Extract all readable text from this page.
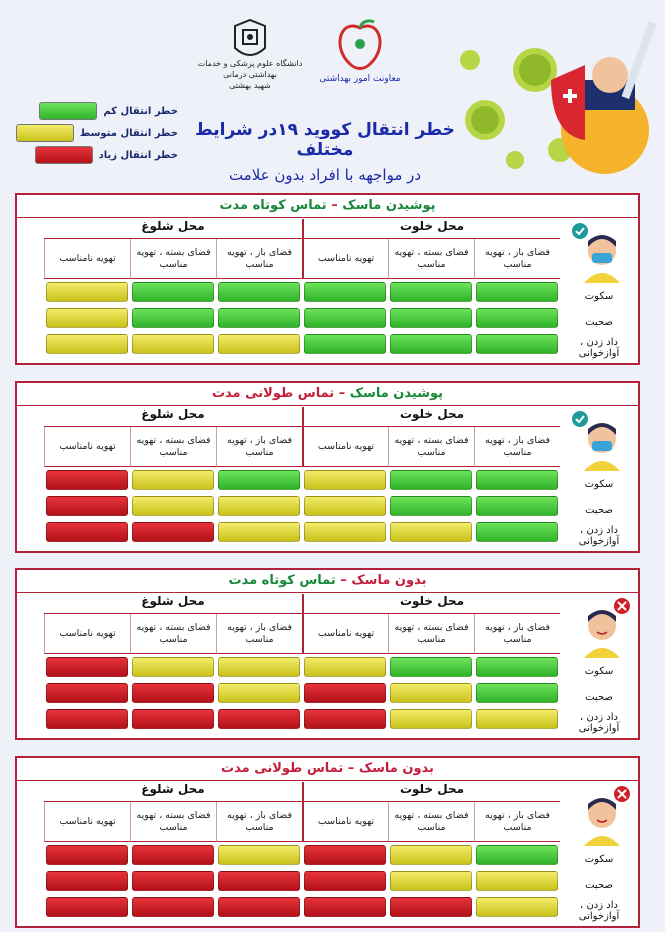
دانشگاه علوم پزشکی و خدمات بهداشتی درمانی
شهید بهشتی
معاونت امور بهداشتی
خطر انتقال کووید ۱۹در شرایط مختلف
در مواجهه با افراد بدون علامت
خطر انتقال کم
خطر انتقال متوسط
خطر انتقال زیاد
پوشیدن ماسک – تماس کوتاه مدت
محل خلوت
محل شلوغ
فضای باز ، تهویه مناسب
فضای بسته ، تهویه مناسب
تهویه نامناسب
فضای باز ، تهویه مناسب
فضای بسته ، تهویه مناسب
تهویه نامناسب
سکوت
صحبت
داد زدن ، آوازخوانی
پوشیدن ماسک – تماس طولانی مدت
محل خلوت
محل شلوغ
فضای باز ، تهویه مناسب
فضای بسته ، تهویه مناسب
تهویه نامناسب
فضای باز ، تهویه مناسب
فضای بسته ، تهویه مناسب
تهویه نامناسب
سکوت
صحبت
داد زدن ، آوازخوانی
بدون ماسک – تماس کوتاه مدت
محل خلوت
محل شلوغ
فضای باز ، تهویه مناسب
فضای بسته ، تهویه مناسب
تهویه نامناسب
فضای باز ، تهویه مناسب
فضای بسته ، تهویه مناسب
تهویه نامناسب
سکوت
صحبت
داد زدن ، آوازخوانی
بدون ماسک – تماس طولانی مدت
محل خلوت
محل شلوغ
فضای باز ، تهویه مناسب
فضای بسته ، تهویه مناسب
تهویه نامناسب
فضای باز ، تهویه مناسب
فضای بسته ، تهویه مناسب
تهویه نامناسب
سکوت
صحبت
داد زدن ، آوازخوانی
